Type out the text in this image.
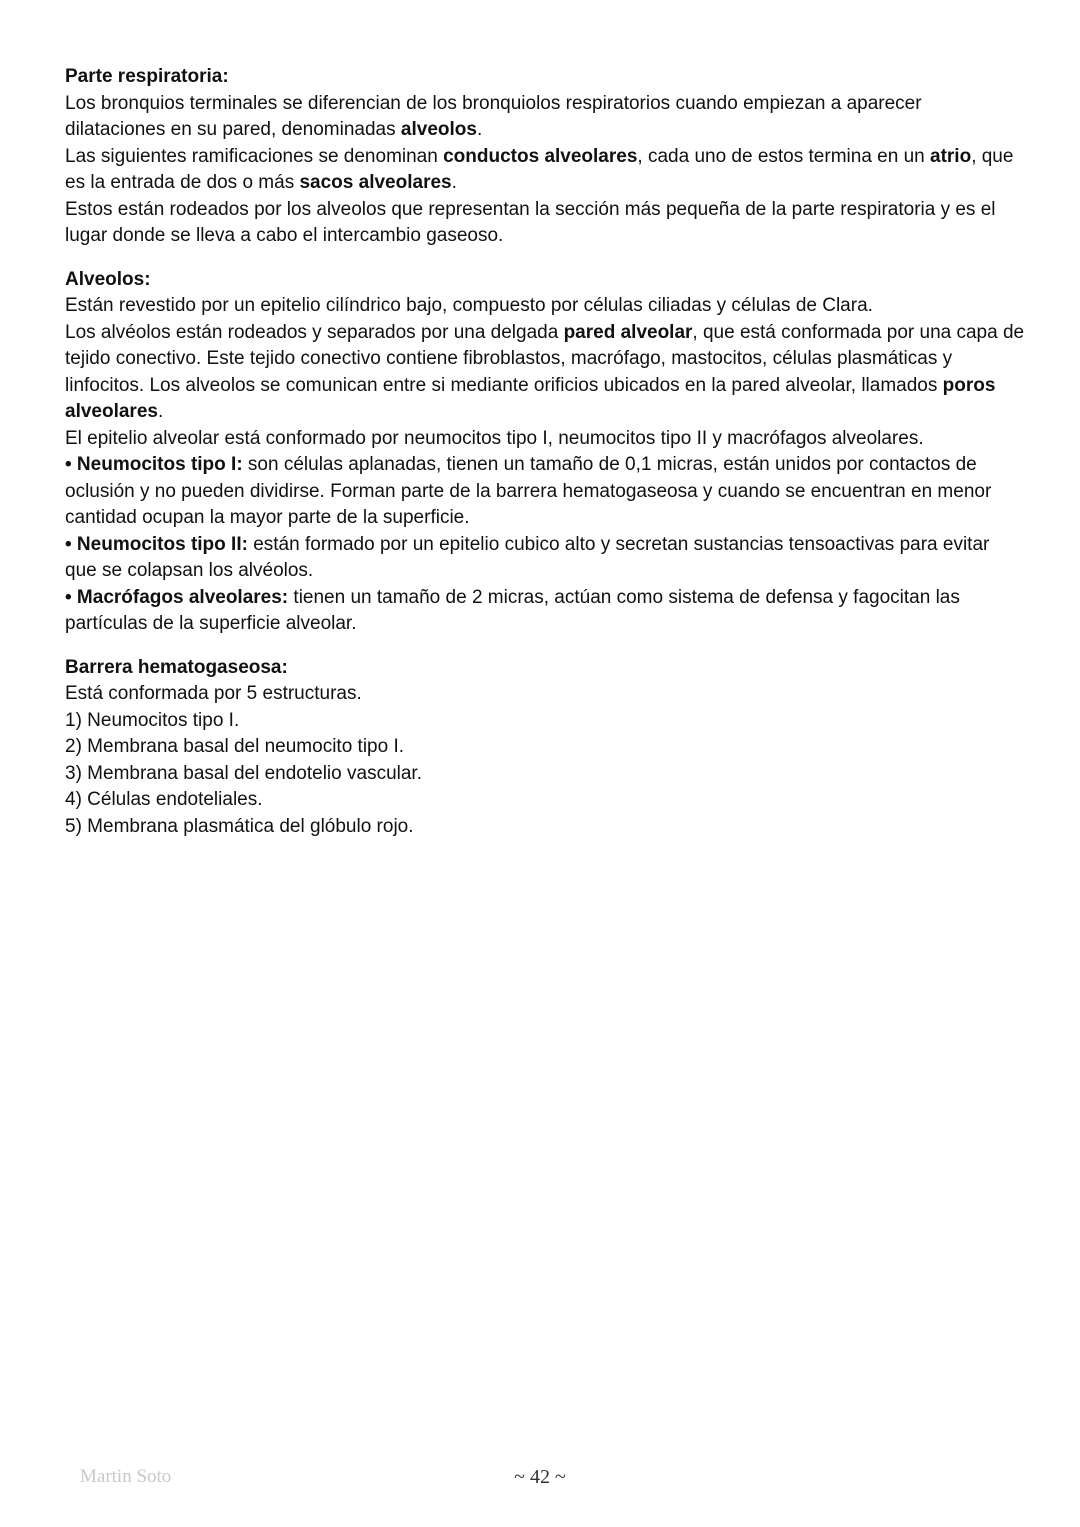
Parte respiratoria:

Los bronquios terminales se diferencian de los bronquiolos respiratorios cuando empiezan a aparecer dilataciones en su pared, denominadas alveolos.

Las siguientes ramificaciones se denominan conductos alveolares, cada uno de estos termina en un atrio, que es la entrada de dos o más sacos alveolares.

Estos están rodeados por los alveolos que representan la sección más pequeña de la parte respiratoria y es el lugar donde se lleva a cabo el intercambio gaseoso.

Alveolos:

Están revestido por un epitelio cilíndrico bajo, compuesto por células ciliadas y células de Clara.

Los alvéolos están rodeados y separados por una delgada pared alveolar, que está conformada por una capa de tejido conectivo. Este tejido conectivo contiene fibroblastos, macrófago, mastocitos, células plasmáticas y linfocitos. Los alveolos se comunican entre si mediante orificios ubicados en la pared alveolar, llamados poros alveolares.

El epitelio alveolar está conformado por neumocitos tipo I, neumocitos tipo II y macrófagos alveolares.

• Neumocitos tipo I: son células aplanadas, tienen un tamaño de 0,1 micras, están unidos por contactos de oclusión y no pueden dividirse. Forman parte de la barrera hematogaseosa y cuando se encuentran en menor cantidad ocupan la mayor parte de la superficie.

• Neumocitos tipo II: están formado por un epitelio cubico alto y secretan sustancias tensoactivas para evitar que se colapsan los alvéolos.

• Macrófagos alveolares: tienen un tamaño de 2 micras, actúan como sistema de defensa y fagocitan las partículas de la superficie alveolar.

Barrera hematogaseosa:

Está conformada por 5 estructuras.

1) Neumocitos tipo I.

2) Membrana basal del neumocito tipo I.

3) Membrana basal del endotelio vascular.

4) Células endoteliales.

5) Membrana plasmática del glóbulo rojo.

Martin Soto	~ 42 ~
